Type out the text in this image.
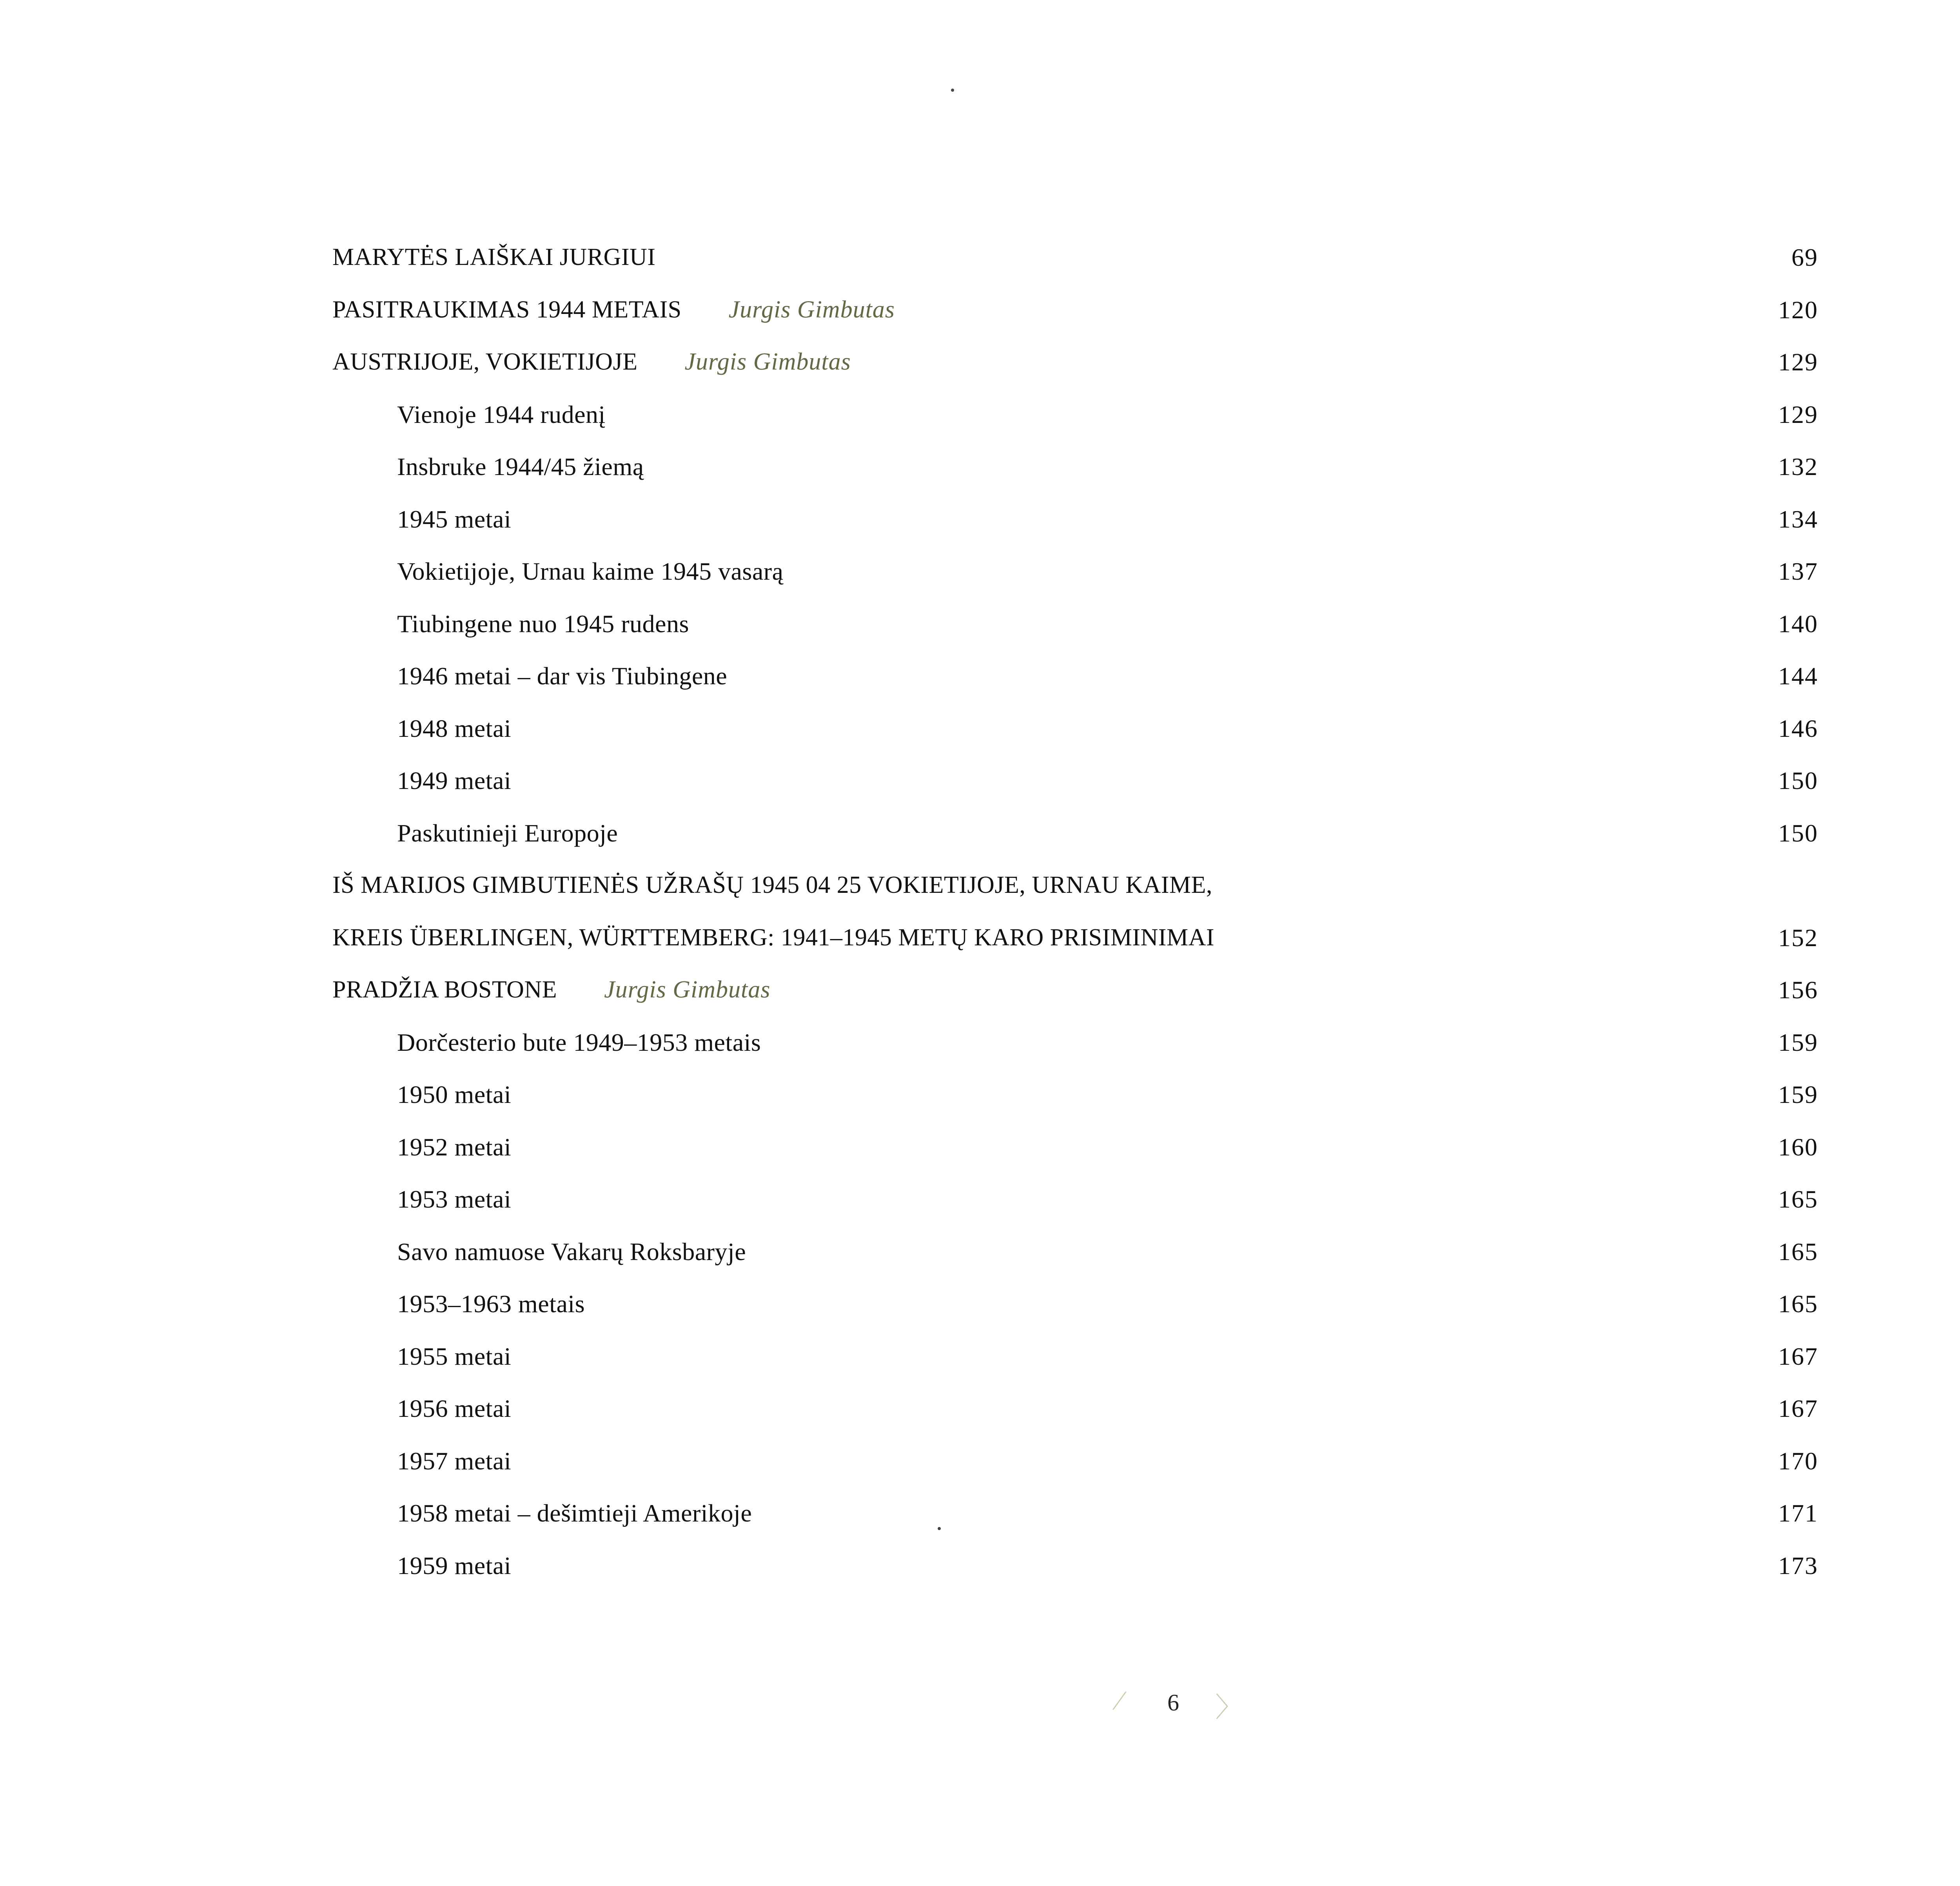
MARYTĖS LAIŠKAI JURGIUI	69
PASITRAUKIMAS 1944 METAIS Jurgis Gimbutas	120
AUSTRIJOJE, VOKIETIJOJE Jurgis Gimbutas	129
Vienoje 1944 rudenį	129
Insbruke 1944/45 žiemą	132
1945 metai	134
Vokietijoje, Urnau kaime 1945 vasarą	137
Tiubingene nuo 1945 rudens	140
1946 metai – dar vis Tiubingene	144
1948 metai	146
1949 metai	150
Paskutinieji Europoje	150
IŠ MARIJOS GIMBUTIENĖS UŽRAŠŲ 1945 04 25 VOKIETIJOJE, URNAU KAIME,
KREIS ÜBERLINGEN, WÜRTTEMBERG: 1941–1945 METŲ KARO PRISIMINIMAI	152
PRADŽIA BOSTONE Jurgis Gimbutas	156
Dorčesterio bute 1949–1953 metais	159
1950 metai	159
1952 metai	160
1953 metai	165
Savo namuose Vakarų Roksbaryje	165
1953–1963 metais	165
1955 metai	167
1956 metai	167
1957 metai	170
1958 metai – dešimtieji Amerikoje	171
1959 metai	173
6
⁄	〉
